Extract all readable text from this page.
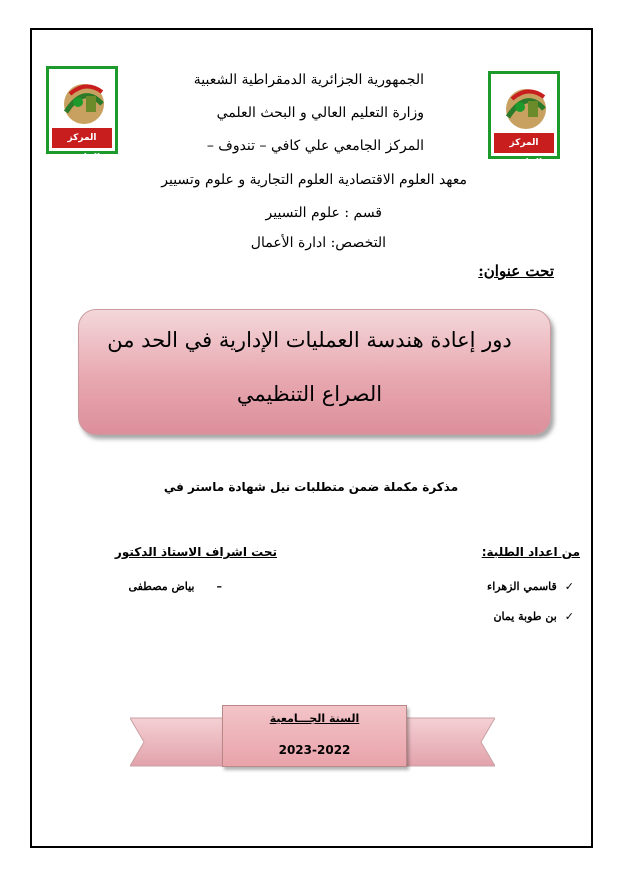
المركز الجامعي تندوف
المركز الجامعي تندوف
الجمهورية الجزائرية الدمقراطية الشعبية
وزارة التعليم العالي و البحث العلمي
المركز الجامعي علي كافي – تندوف –
معهد العلوم الاقتصادية العلوم التجارية و علوم وتسيير
قسم : علوم التسيير
التخصص: ادارة الأعمال
تحت عنوان:
دور إعادة هندسة العمليات الإدارية في الحد من
الصراع التنظيمي
مذكرة مكملة ضمن متطلبات نيل شهادة ماستر في
من اعداد الطلبة:
✓قاسمي الزهراء
✓بن طوبة يمان
تحت اشراف الاستاذ الدكتور
–بياض مصطفى
السنة الجـــامعية
2023-2022
